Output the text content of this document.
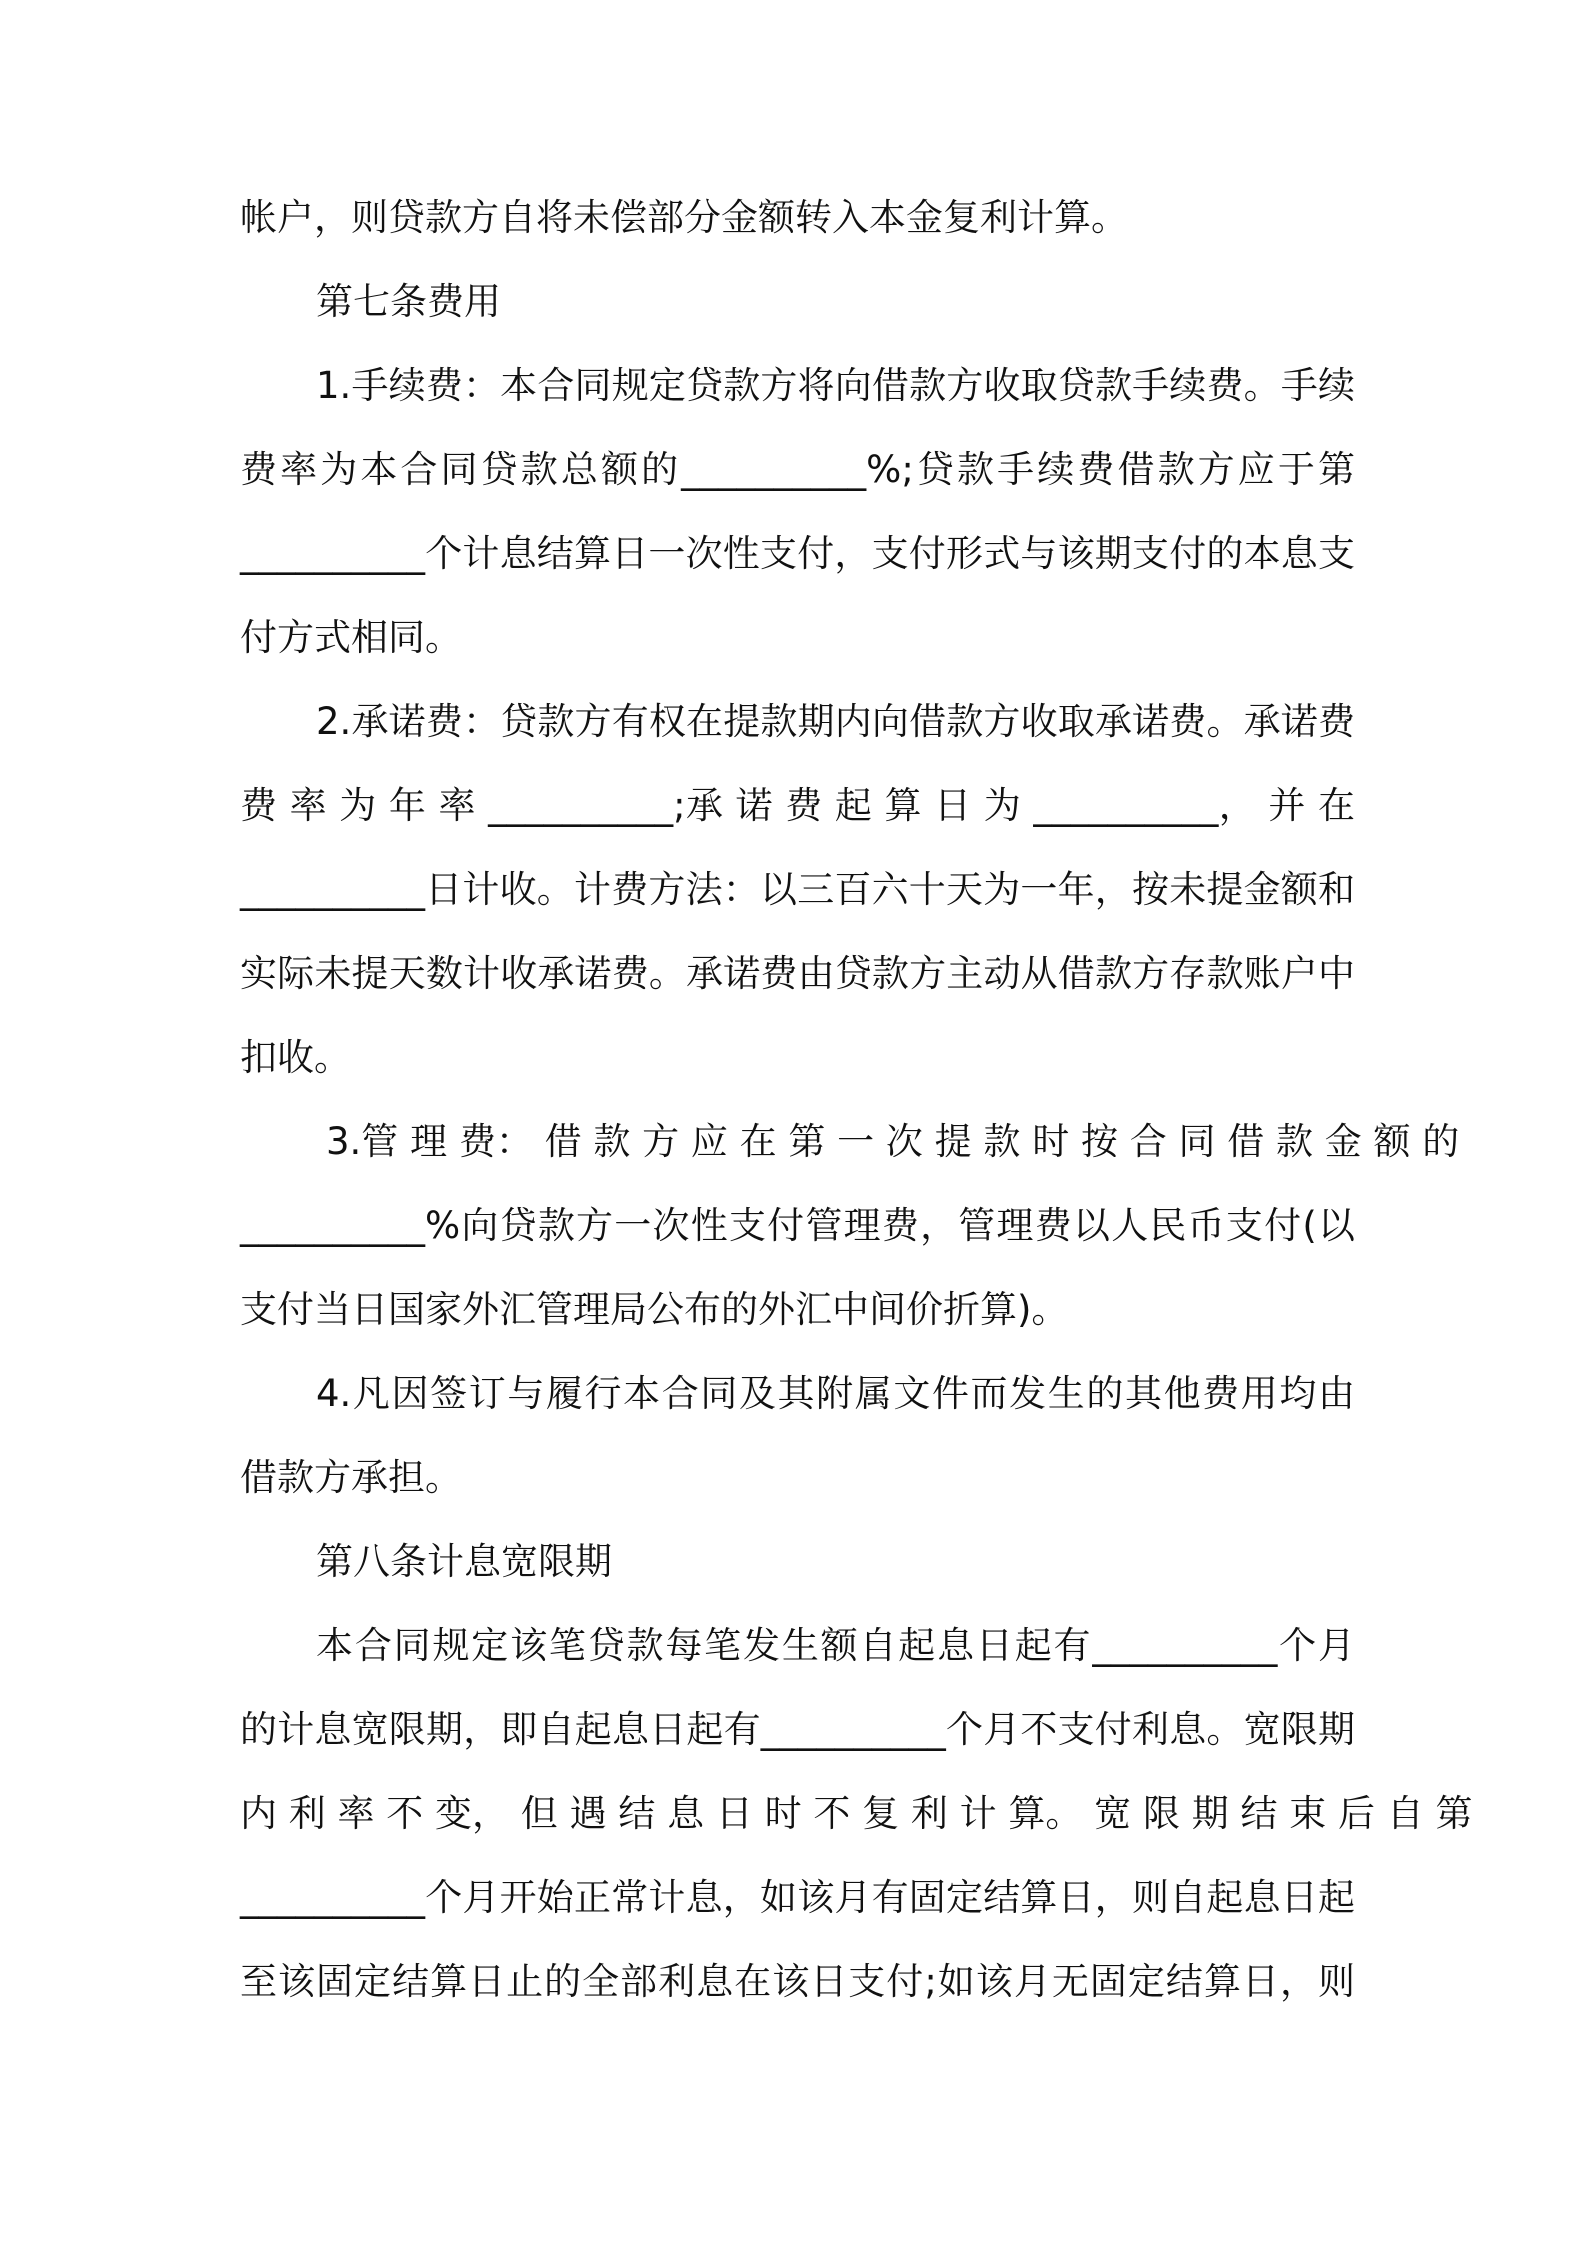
帐户，则贷款方自将未偿部分金额转入本金复利计算。
第七条费用
1.手续费：本合同规定贷款方将向借款方收取贷款手续费。手续
费率为本合同贷款总额的__________%;贷款手续费借款方应于第
__________个计息结算日一次性支付，支付形式与该期支付的本息支
付方式相同。
2.承诺费：贷款方有权在提款期内向借款方收取承诺费。承诺费
费 率 为 年 率 __________;承 诺 费 起 算 日 为 __________， 并 在
__________日计收。计费方法：以三百六十天为一年，按未提金额和
实际未提天数计收承诺费。承诺费由贷款方主动从借款方存款账户中
扣收。
3.管 理 费： 借 款 方 应 在 第 一 次 提 款 时 按 合 同 借 款 金 额 的
__________%向贷款方一次性支付管理费，管理费以人民币支付(以
支付当日国家外汇管理局公布的外汇中间价折算)。
4.凡因签订与履行本合同及其附属文件而发生的其他费用均由
借款方承担。
第八条计息宽限期
本合同规定该笔贷款每笔发生额自起息日起有__________个月
的计息宽限期，即自起息日起有__________个月不支付利息。宽限期
内 利 率 不 变， 但 遇 结 息 日 时 不 复 利 计 算。 宽 限 期 结 束 后 自 第
__________个月开始正常计息，如该月有固定结算日，则自起息日起
至该固定结算日止的全部利息在该日支付;如该月无固定结算日，则
